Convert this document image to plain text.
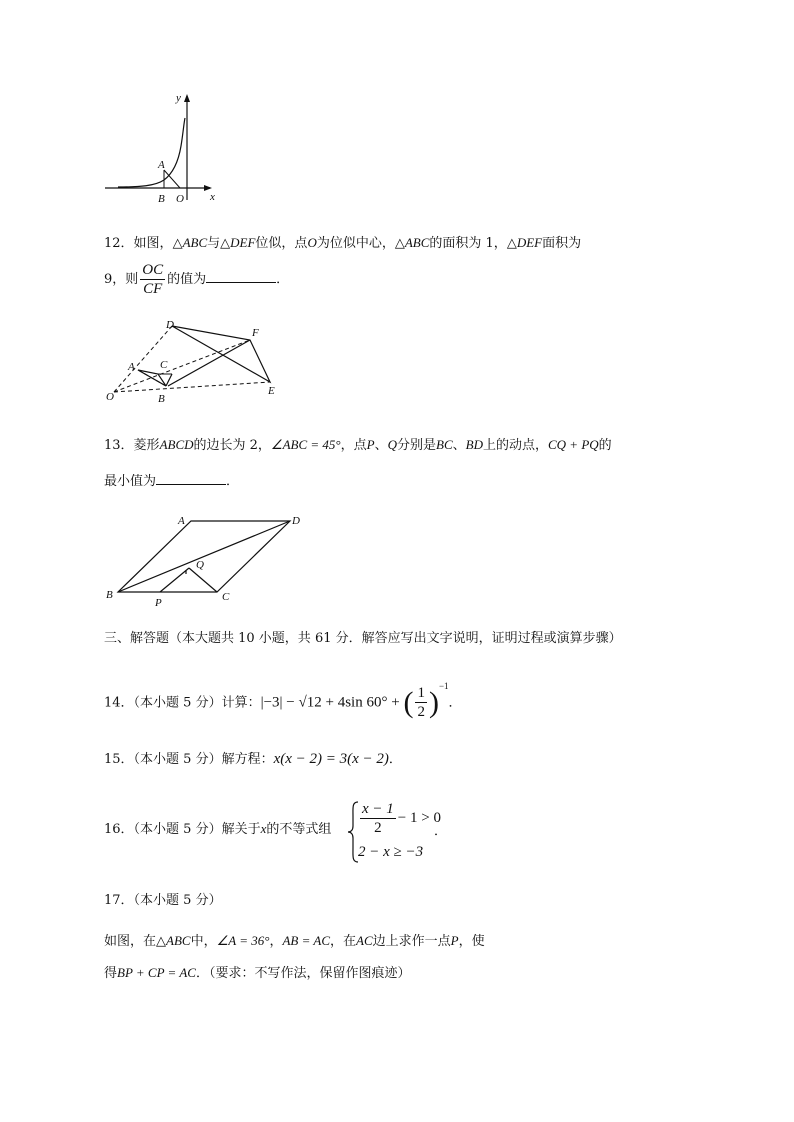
y
x
A
B O
12．如图，△ABC与△DEF位似，点O为位似中心，△ABC的面积为 1，△DEF面积为
9，则 $\frac{OC}{CF}$ 的值为	．
D
F
A C
O	B
E
13．菱形ABCD的边长为 2，∠ABC = 45°，点P、Q分别是BC、BD上的动点，CQ + PQ的
最小值为	．
A	D
Q
B
P	C
三、解答题（本大题共 10 小题，共 61 分．解答应写出文字说明，证明过程或演算步骤）
14．（本小题 5 分）计算：|−3| − √12 + 4sin 60° + ( $\frac{1}{2} )^{-1}$．
15．（本小题 5 分）解方程：x(x − 2) = 3(x − 2)．
16．（本小题 5 分）解关于x的不等式组 $\frac{x - 1}{2} - 1 > 0$
2 − x ≥ −3
．
17．（本小题 5 分）
如图，在△ABC中，∠A = 36°，AB = AC，在AC边上求作一点P，使
得BP + CP = AC．（要求：不写作法，保留作图痕迹）
